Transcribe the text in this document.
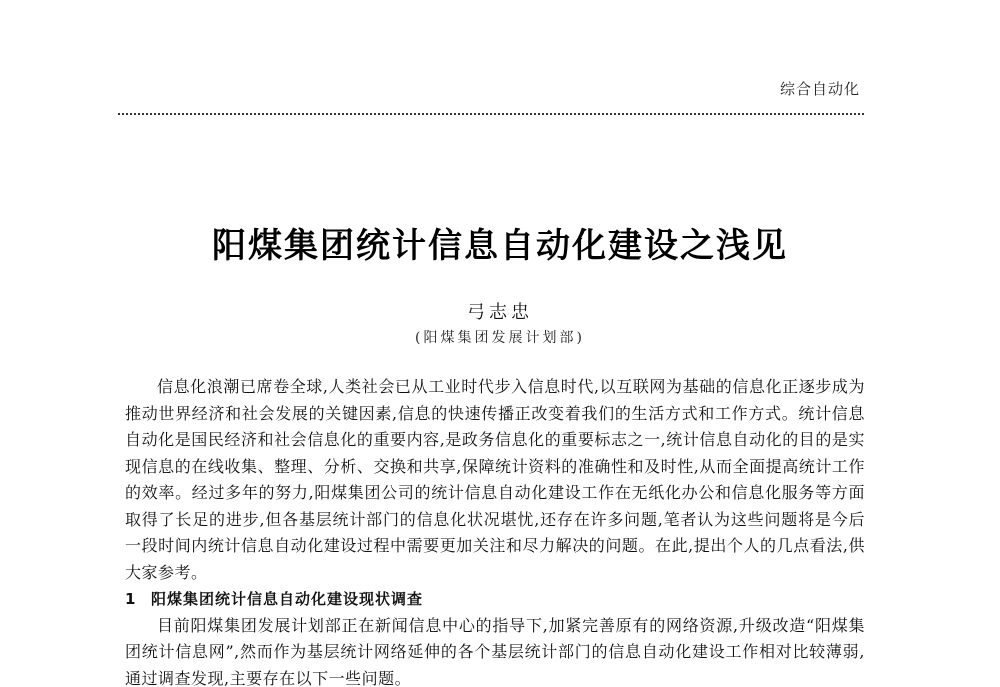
综合自动化
阳煤集团统计信息自动化建设之浅见
弓志忠
(阳煤集团发展计划部)

信息化浪潮已席卷全球,人类社会已从工业时代步入信息时代,以互联网为基础的信息化正逐步成为推动世界经济和社会发展的关键因素,信息的快速传播正改变着我们的生活方式和工作方式。统计信息自动化是国民经济和社会信息化的重要内容,是政务信息化的重要标志之一,统计信息自动化的目的是实现信息的在线收集、整理、分析、交换和共享,保障统计资料的准确性和及时性,从而全面提高统计工作的效率。经过多年的努力,阳煤集团公司的统计信息自动化建设工作在无纸化办公和信息化服务等方面取得了长足的进步,但各基层统计部门的信息化状况堪忧,还存在许多问题,笔者认为这些问题将是今后一段时间内统计信息自动化建设过程中需要更加关注和尽力解决的问题。在此,提出个人的几点看法,供大家参考。

1 阳煤集团统计信息自动化建设现状调查

目前阳煤集团发展计划部正在新闻信息中心的指导下,加紧完善原有的网络资源,升级改造“阳煤集团统计信息网”,然而作为基层统计网络延伸的各个基层统计部门的信息自动化建设工作相对比较薄弱,通过调查发现,主要存在以下一些问题。
